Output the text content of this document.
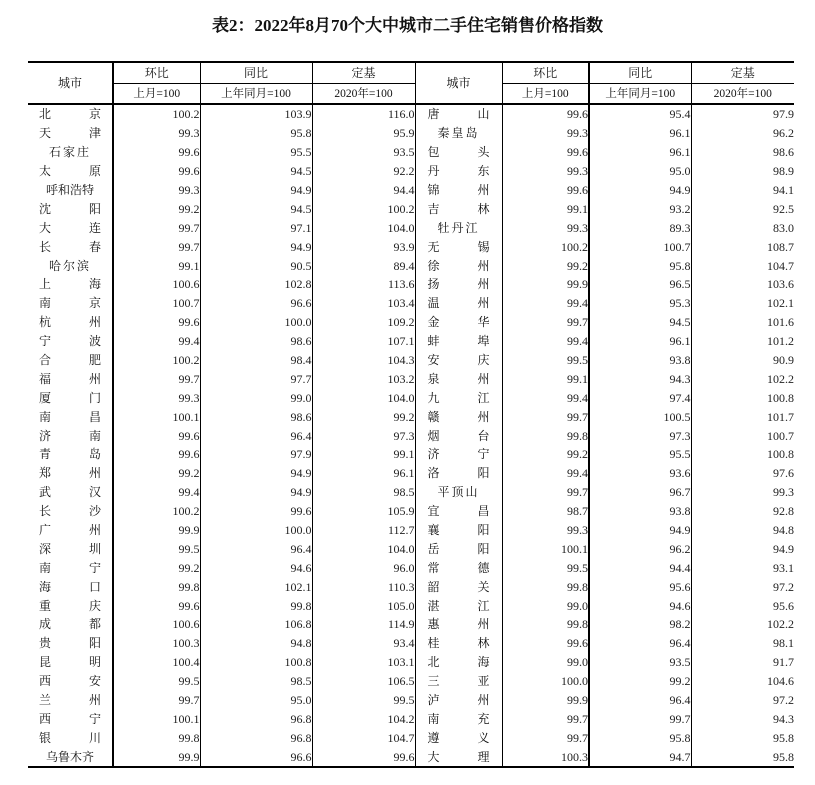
表2：2022年8月70个大中城市二手住宅销售价格指数
城市	环比	同比	定基	城市	环比	同比	定基
	上月=100	上年同月=100	2020年=100		上月=100	上年同月=100	2020年=100
北京	100.2	103.9	116.0	唐山	99.6	95.4	97.9
天津	99.3	95.8	95.9	秦皇岛	99.3	96.1	96.2
石家庄	99.6	95.5	93.5	包头	99.6	96.1	98.6
太原	99.6	94.5	92.2	丹东	99.3	95.0	98.9
呼和浩特	99.3	94.9	94.4	锦州	99.6	94.9	94.1
沈阳	99.2	94.5	100.2	吉林	99.1	93.2	92.5
大连	99.7	97.1	104.0	牡丹江	99.3	89.3	83.0
长春	99.7	94.9	93.9	无锡	100.2	100.7	108.7
哈尔滨	99.1	90.5	89.4	徐州	99.2	95.8	104.7
上海	100.6	102.8	113.6	扬州	99.9	96.5	103.6
南京	100.7	96.6	103.4	温州	99.4	95.3	102.1
杭州	99.6	100.0	109.2	金华	99.7	94.5	101.6
宁波	99.4	98.6	107.1	蚌埠	99.4	96.1	101.2
合肥	100.2	98.4	104.3	安庆	99.5	93.8	90.9
福州	99.7	97.7	103.2	泉州	99.1	94.3	102.2
厦门	99.3	99.0	104.0	九江	99.4	97.4	100.8
南昌	100.1	98.6	99.2	赣州	99.7	100.5	101.7
济南	99.6	96.4	97.3	烟台	99.8	97.3	100.7
青岛	99.6	97.9	99.1	济宁	99.2	95.5	100.8
郑州	99.2	94.9	96.1	洛阳	99.4	93.6	97.6
武汉	99.4	94.9	98.5	平顶山	99.7	96.7	99.3
长沙	100.2	99.6	105.9	宜昌	98.7	93.8	92.8
广州	99.9	100.0	112.7	襄阳	99.3	94.9	94.8
深圳	99.5	96.4	104.0	岳阳	100.1	96.2	94.9
南宁	99.2	94.6	96.0	常德	99.5	94.4	93.1
海口	99.8	102.1	110.3	韶关	99.8	95.6	97.2
重庆	99.6	99.8	105.0	湛江	99.0	94.6	95.6
成都	100.6	106.8	114.9	惠州	99.8	98.2	102.2
贵阳	100.3	94.8	93.4	桂林	99.6	96.4	98.1
昆明	100.4	100.8	103.1	北海	99.0	93.5	91.7
西安	99.5	98.5	106.5	三亚	100.0	99.2	104.6
兰州	99.7	95.0	99.5	泸州	99.9	96.4	97.2
西宁	100.1	96.8	104.2	南充	99.7	99.7	94.3
银川	99.8	96.8	104.7	遵义	99.7	95.8	95.8
乌鲁木齐	99.9	96.6	99.6	大理	100.3	94.7	95.8
